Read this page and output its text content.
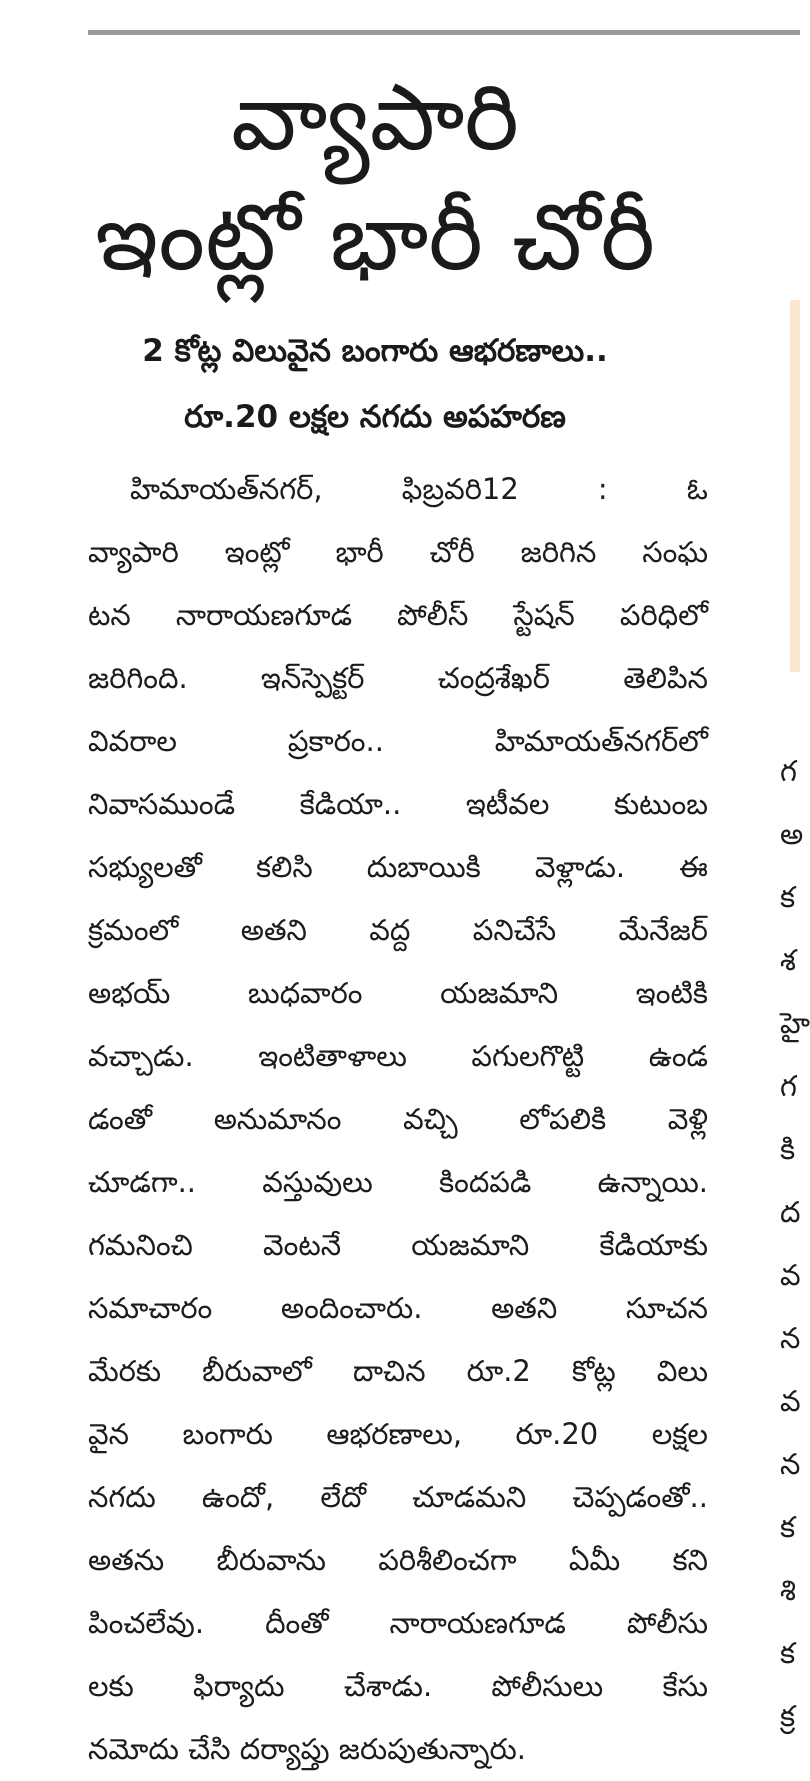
వ్యాపారి
ఇంట్లో భారీ చోరీ
2 కోట్ల విలువైన బంగారు ఆభరణాలు..
రూ.20 లక్షల నగదు అపహరణ
హిమాయత్‌నగర్, ఫిబ్రవరి12 : ఓ
వ్యాపారి ఇంట్లో భారీ చోరీ జరిగిన సంఘ
టన నారాయణగూడ పోలీస్ స్టేషన్ పరిధిలో
జరిగింది. ఇన్‌స్పెక్టర్ చంద్రశేఖర్ తెలిపిన
వివరాల ప్రకారం.. హిమాయత్‌నగర్‌లో
నివాసముండే కేడియా.. ఇటీవల కుటుంబ
సభ్యులతో కలిసి దుబాయికి వెళ్లాడు. ఈ
క్రమంలో అతని వద్ద పనిచేసే మేనేజర్
అభయ్ బుధవారం యజమాని ఇంటికి
వచ్చాడు. ఇంటితాళాలు పగులగొట్టి ఉండ
డంతో అనుమానం వచ్చి లోపలికి వెళ్లి
చూడగా.. వస్తువులు కిందపడి ఉన్నాయి.
గమనించి వెంటనే యజమాని కేడియాకు
సమాచారం అందించారు. అతని సూచన
మేరకు బీరువాలో దాచిన రూ.2 కోట్ల విలు
వైన బంగారు ఆభరణాలు, రూ.20 లక్షల
నగదు ఉందో, లేదో చూడమని చెప్పడంతో..
అతను బీరువాను పరిశీలించగా ఏమీ కని
పించలేవు. దీంతో నారాయణగూడ పోలీసు
లకు ఫిర్యాదు చేశాడు. పోలీసులు కేసు
నమోదు చేసి దర్యాప్తు జరుపుతున్నారు.
గ
అ
క
శ
హై
గ
కి
ద
వ
న
వ
న
క
శి
క
క్ర
